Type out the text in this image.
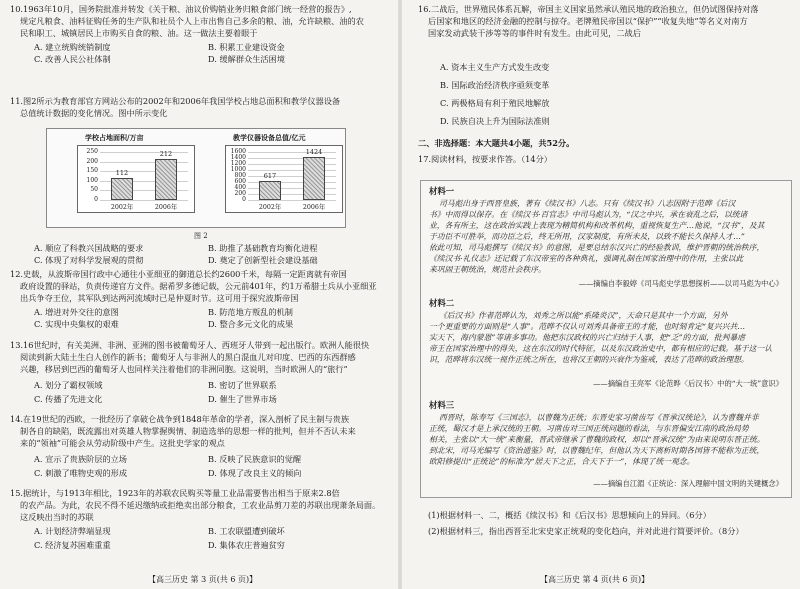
10.1963年10月，国务院批准并转发《关于粮、油议价购销业务归粮食部门统一经营的报告》,
规定凡粮食、油料征购任务的生产队和社员个人上市出售自己多余的粮、油，允许缺粮、油的农
民和职工、城镇居民上市购买自食的粮、油。这一做法主要着眼于
A. 建立统购统销制度	B. 积累工业建设资金
C. 改善人民公社体制	D. 缓解群众生活困境
11.图2所示为教育部官方网站公布的2002年和2006年我国学校占地总面积和教学仪器设备
总值统计数据的变化情况。图中所示变化
学校占地面积/万亩
0
50
100
150
200
250
112
2002年
212
2006年
教学仪器设备总值/亿元
0
200
400
600
800
1000
1200
1400
1600
617
2002年
1424
2006年
图 2
A. 顺应了科教兴国战略的要求	B. 助推了基础教育均衡化进程
C. 体现了对科学发展观的贯彻	D. 奠定了创新型社会建设基础
12.史载，从波斯帝国行政中心通往小亚细亚的御道总长约2600千米，每隔一定距离就有帝国
政府设置的驿站，负责传递官方文件。据希罗多德记载，公元前401年，约1万希腊士兵从小亚细亚
出兵争夺王位，其军队到达两河流域时已是仲夏时节。这可用于探究波斯帝国
A. 增进对外交往的意图	B. 防范地方叛乱的机制
C. 实现中央集权的艰难	D. 整合多元文化的成果
13.16世纪时，有关美洲、非洲、亚洲的图书被葡萄牙人、西班牙人带到一起出版行。欧洲人能很快
阅读到新大陆土生白人创作的新书；葡萄牙人与非洲人的黑白混血儿对印度、巴西的东西群感
兴趣，移居到巴西的葡萄牙人也同样关注着他们的非洲同胞。这说明，当时欧洲人的“旅行”
A. 划分了霸权领域	B. 密切了世界联系
C. 传播了先进文化	D. 催生了世界市场
14.在19世纪的西欧，一批经历了拿破仑战争到1848年革命的学者，深入剖析了民主制与贵族
制各自的缺陷，既流露出对英雄人物掌握舆情、制造选举的思想一样的批判，但并不否认未来
来的“领袖”可能会从劳动阶级中产生。这批史学家的观点
A. 宣示了贵族阶层的立场	B. 反映了民族意识的觉醒
C. 刺激了唯物史观的形成	D. 体现了改良主义的倾向
15.据统计，与1913年相比，1923年的苏联农民购买等量工业品需要售出相当于原来2.8倍
的农产品。为此，农民不得不延迟缴纳或拒绝卖出部分粮食，工农业品剪刀差的苏联出现萧条局面。
这反映出当时的苏联
A. 计划经济弊端显现	B. 工农联盟遭到破坏
C. 经济复苏困难重重	D. 集体农庄普遍贫穷
【高三历史 第 3 页(共 6 页)】
16.二战后，世界殖民体系瓦解，帝国主义国家虽然承认殖民地的政治独立，但仍试图保持对落
后国家和地区的经济金融的控制与掠夺。老牌殖民帝国以“保护”“收复失地”等名义对南方
国家发动武装干涉等等的事件时有发生。由此可见，二战后
A. 资本主义生产方式发生改变
B. 国际政治经济秩序亟须变革
C. 两极格局有利于殖民地解放
D. 民族自决上升为国际法准则
二、非选择题：本大题共4小题，共52分。
17.阅读材料，按要求作答。（14分）
【高三历史 第 4 页(共 6 页)】
材料一
司马彪出身于西晋皇族，著有《续汉书》八志。只有《续汉书》八志因附于范晔《后汉
书》中而得以保存。在《续汉书·百官志》中司马彪认为，“汉之中兴，承在衰乱之后，以统诸
业，各有所主，这在政治实践上表现为精简机构和改革机构，重视恢复生产…他说，“汉书”，及其
于功臣不可胜举，而功臣之后，终无所用，汉家制度，有所未及，以致不能长久保持人才…”
依此可知，司马彪撰写《续汉书》的意图，是要总结东汉兴亡的经验教训，维护晋朝的统治秩序，
《续汉书·礼仪志》还记载了东汉帝室的各种典礼，强调礼制在国家治理中的作用，主张以此
来巩固王朝统治，规范社会秩序。
——摘编自李毅婷《司马彪史学思想探析——以司马彪为中心》
材料二
《后汉书》作者范晔认为，刘秀之所以能“系隆炎汉”，天命只是其中一个方面，另外
一个更重要的方面则是“人事”。范晔不仅认可刘秀具备帝王的才能，也时刻肯定“复兴兴共…
实天下，海内蒙恩”等诸多事功。他把东汉政权的兴亡归结于人事，把“乏”的方面，批判暴虐
帝王在国家治理中的得失，这在东汉的时代特征，以及东汉政治史中，都有相应的记载。基于这一认
识，范晔将东汉统一视作正统之所在，也将汉王朝的兴衰作为鉴戒，表达了范晔的政治理想。
——摘编自王亮军《论范晔〈后汉书〉中的“大一统”意识》
材料三
西晋时，陈寿写《三国志》，以曹魏为正统；东晋史家习凿齿写《晋承汉统论》，认为曹魏并非
正统，蜀汉才是上承汉统的王朝。习凿齿对三国正统问题的看法，与东晋偏安江南的政治局势
相关，主张以“大一统”来衡量，晋武帝继承了曹魏的政权，却以“晋承汉统”为由来说明东晋正统。
到北宋，司马光编写《资治通鉴》时，以曹魏纪年，但他认为天下离析时期各国皆不能称为正统，
欧阳修提出“正统论”的标准为“居天下之正，合天下于一”，体现了统一观念。
——摘编自江湄《正统论：深入理解中国文明的关键概念》
(1)根据材料一、二，概括《续汉书》和《后汉书》思想倾向上的异同。（6分）
(2)根据材料三，指出西晋至北宋史家正统观的变化趋向，并对此进行简要评价。（8分）
